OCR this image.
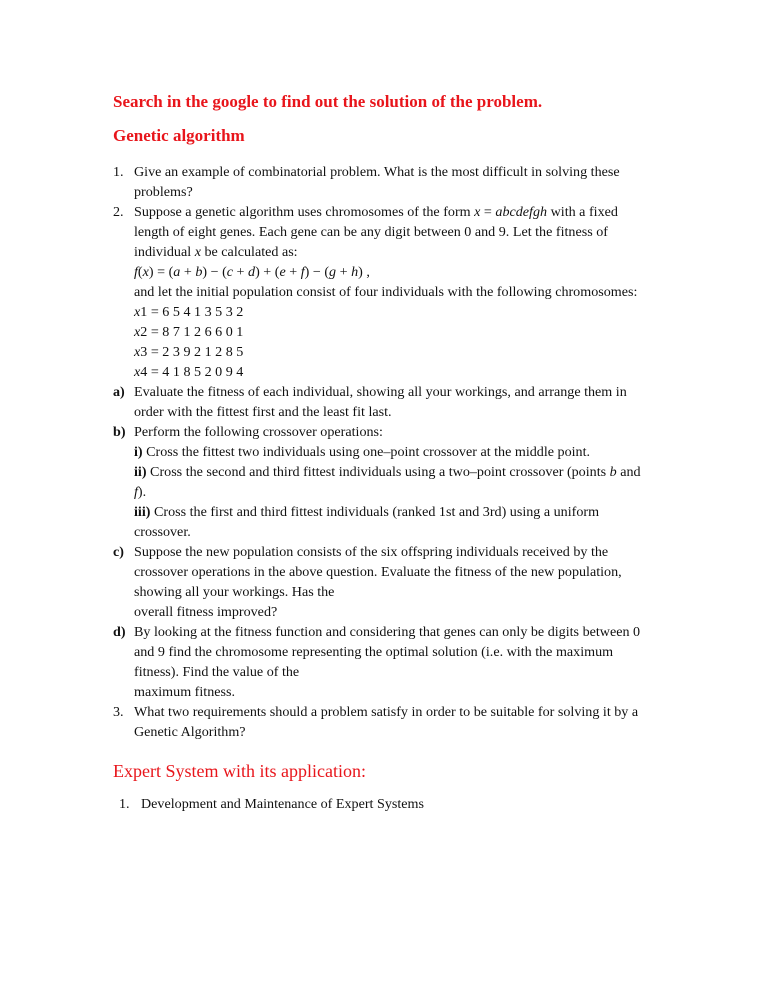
Search in the google to find out the solution of the problem.
Genetic algorithm
1. Give an example of combinatorial problem. What is the most difficult in solving these
problems?
2. Suppose a genetic algorithm uses chromosomes of the form x = abcdefgh with a fixed
length of eight genes. Each gene can be any digit between 0 and 9. Let the fitness of
individual x be calculated as:
f(x) = (a + b) − (c + d) + (e + f) − (g + h) ,
and let the initial population consist of four individuals with the following chromosomes:
x1 = 6 5 4 1 3 5 3 2
x2 = 8 7 1 2 6 6 0 1
x3 = 2 3 9 2 1 2 8 5
x4 = 4 1 8 5 2 0 9 4
a) Evaluate the fitness of each individual, showing all your workings, and arrange them in
order with the fittest first and the least fit last.
b) Perform the following crossover operations:
i) Cross the fittest two individuals using one–point crossover at the middle point.
ii) Cross the second and third fittest individuals using a two–point crossover (points b and
f).
iii) Cross the first and third fittest individuals (ranked 1st and 3rd) using a uniform
crossover.
c) Suppose the new population consists of the six offspring individuals received by the
crossover operations in the above question. Evaluate the fitness of the new population,
showing all your workings. Has the
overall fitness improved?
d) By looking at the fitness function and considering that genes can only be digits between 0
and 9 find the chromosome representing the optimal solution (i.e. with the maximum
fitness). Find the value of the
maximum fitness.
3. What two requirements should a problem satisfy in order to be suitable for solving it by a
Genetic Algorithm?
Expert System with its application:
1. Development and Maintenance of Expert Systems
